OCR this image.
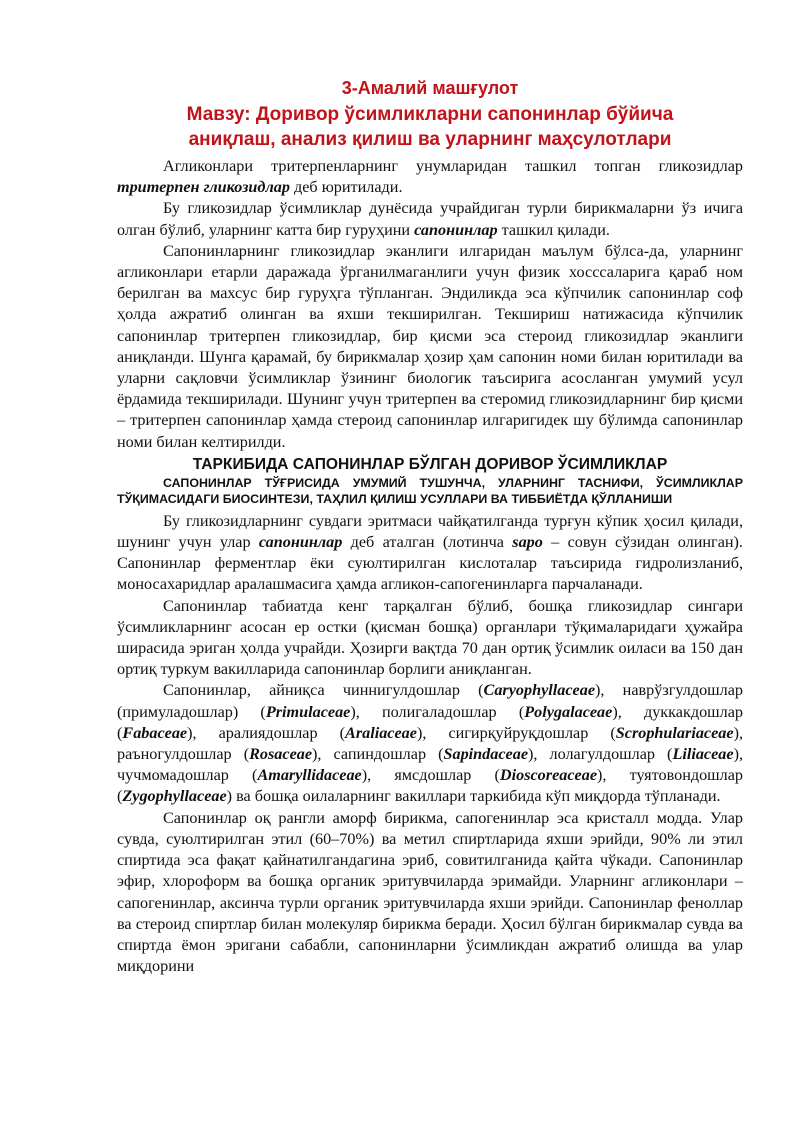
3-Амалий машғулот
Мавзу: Доривор ўсимликларни сапонинлар бўйича
аниқлаш, анализ қилиш ва уларнинг маҳсулотлари

Агликонлари тритерпенларнинг унумларидан ташкил топган гликозидлар тритерпен гликозидлар деб юритилади.

Бу гликозидлар ўсимликлар дунёсида учрайдиган турли бирикмаларни ўз ичига олган бўлиб, уларнинг катта бир гуруҳини сапонинлар ташкил қилади.

Сапонинларнинг гликозидлар эканлиги илгаридан маълум бўлса-да, уларнинг агликонлари етарли даражада ўрганилмаганлиги учун физик хосссаларига қараб ном берилган ва махсус бир гуруҳга тўпланган. Эндиликда эса кўпчилик сапонинлар соф ҳолда ажратиб олинган ва яхши текширилган. Текшириш натижасида кўпчилик сапонинлар тритерпен гликозидлар, бир қисми эса стероид гликозидлар эканлиги аниқланди. Шунга қарамай, бу бирикмалар ҳозир ҳам сапонин номи билан юритилади ва уларни сақловчи ўсимликлар ўзининг биологик таъсирига асосланган умумий усул ёрдамида текширилади. Шунинг учун тритерпен ва стеромид гликозидларнинг бир қисми – тритерпен сапонинлар ҳамда стероид сапонинлар илгаригидек шу бўлимда сапонинлар номи билан келтирилди.

ТАРКИБИДА САПОНИНЛАР БЎЛГАН ДОРИВОР ЎСИМЛИКЛАР
САПОНИНЛАР ТЎҒРИСИДА УМУМИЙ ТУШУНЧА, УЛАРНИНГ ТАСНИФИ, ЎСИМЛИКЛАР ТЎҚИМАСИДАГИ БИОСИНТЕЗИ, ТАҲЛИЛ ҚИЛИШ УСУЛЛАРИ ВА ТИББИЁТДА ҚЎЛЛАНИШИ

Бу гликозидларнинг сувдаги эритмаси чайқатилганда турғун кўпик ҳосил қилади, шунинг учун улар сапонинлар деб аталган (лотинча sapo – совун сўзидан олинган). Сапонинлар ферментлар ёки суюлтирилган кислоталар таъсирида гидролизланиб, моносахаридлар аралашмасига ҳамда агликон-сапогенинларга парчаланади.

Сапонинлар табиатда кенг тарқалган бўлиб, бошқа гликозидлар сингари ўсимликларнинг асосан ер остки (қисман бошқа) органлари тўқималаридаги ҳужайра ширасида эриган ҳолда учрайди. Ҳозирги вақтда 70 дан ортиқ ўсимлик оиласи ва 150 дан ортиқ туркум вакилларида сапонинлар борлиги аниқланган.

Сапонинлар, айниқса чиннигулдошлар (Caryophyllaceae), наврўзгулдошлар (примуладошлар) (Primulaceae), полигаладошлар (Polygalaceae), дуккакдошлар (Fabaceae), аралиядошлар (Araliaceae), сигирқуйруқдошлар (Scrophulariaceae), раъногулдошлар (Rosaceae), сапиндошлар (Sapindaceae), лолагулдошлар (Liliaceae), чучмомадошлар (Amaryllidaceae), ямсдошлар (Dioscoreaceae), туятовондошлар (Zygophyllaceae) ва бошқа оилаларнинг вакиллари таркибида кўп миқдорда тўпланади.

Сапонинлар оқ рангли аморф бирикма, сапогенинлар эса кристалл модда. Улар сувда, суюлтирилган этил (60–70%) ва метил спиртларида яхши эрийди, 90% ли этил спиртида эса фақат қайнатилгандагина эриб, совитилганида қайта чўкади. Сапонинлар эфир, хлороформ ва бошқа органик эритувчиларда эримайди. Уларнинг агликонлари – сапогенинлар, аксинча турли органик эритувчиларда яхши эрийди. Сапонинлар феноллар ва стероид спиртлар билан молекуляр бирикма беради. Ҳосил бўлган бирикмалар сувда ва спиртда ёмон эригани сабабли, сапонинларни ўсимликдан ажратиб олишда ва улар миқдорини
